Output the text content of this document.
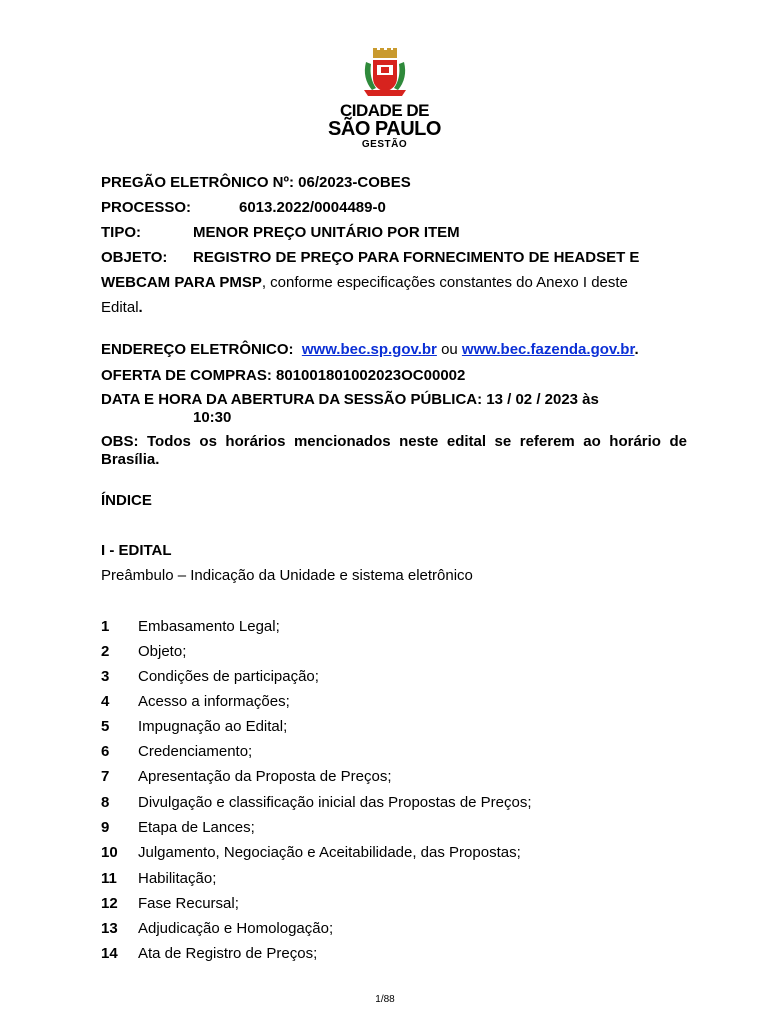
CIDADE DE
SÃO PAULO
GESTÃO
PREGÃO ELETRÔNICO Nº: 06/2023-COBES
PROCESSO:	6013.2022/0004489-0
TIPO:	MENOR PREÇO UNITÁRIO POR ITEM
OBJETO: REGISTRO DE PREÇO PARA FORNECIMENTO DE HEADSET E
WEBCAM PARA PMSP, conforme especificações constantes do Anexo I deste
Edital.
ENDEREÇO ELETRÔNICO: www.bec.sp.gov.br ou www.bec.fazenda.gov.br.
OFERTA DE COMPRAS: 801001801002023OC00002
DATA E HORA DA ABERTURA DA SESSÃO PÚBLICA: 13 / 02 / 2023 às
10:30
OBS: Todos os horários mencionados neste edital se referem ao horário de Brasília.
ÍNDICE
I - EDITAL
Preâmbulo – Indicação da Unidade e sistema eletrônico
1 Embasamento Legal;
2 Objeto;
3 Condições de participação;
4 Acesso a informações;
5 Impugnação ao Edital;
6 Credenciamento;
7 Apresentação da Proposta de Preços;
8 Divulgação e classificação inicial das Propostas de Preços;
9 Etapa de Lances;
10 Julgamento, Negociação e Aceitabilidade, das Propostas;
11 Habilitação;
12 Fase Recursal;
13 Adjudicação e Homologação;
14 Ata de Registro de Preços;
1/88
